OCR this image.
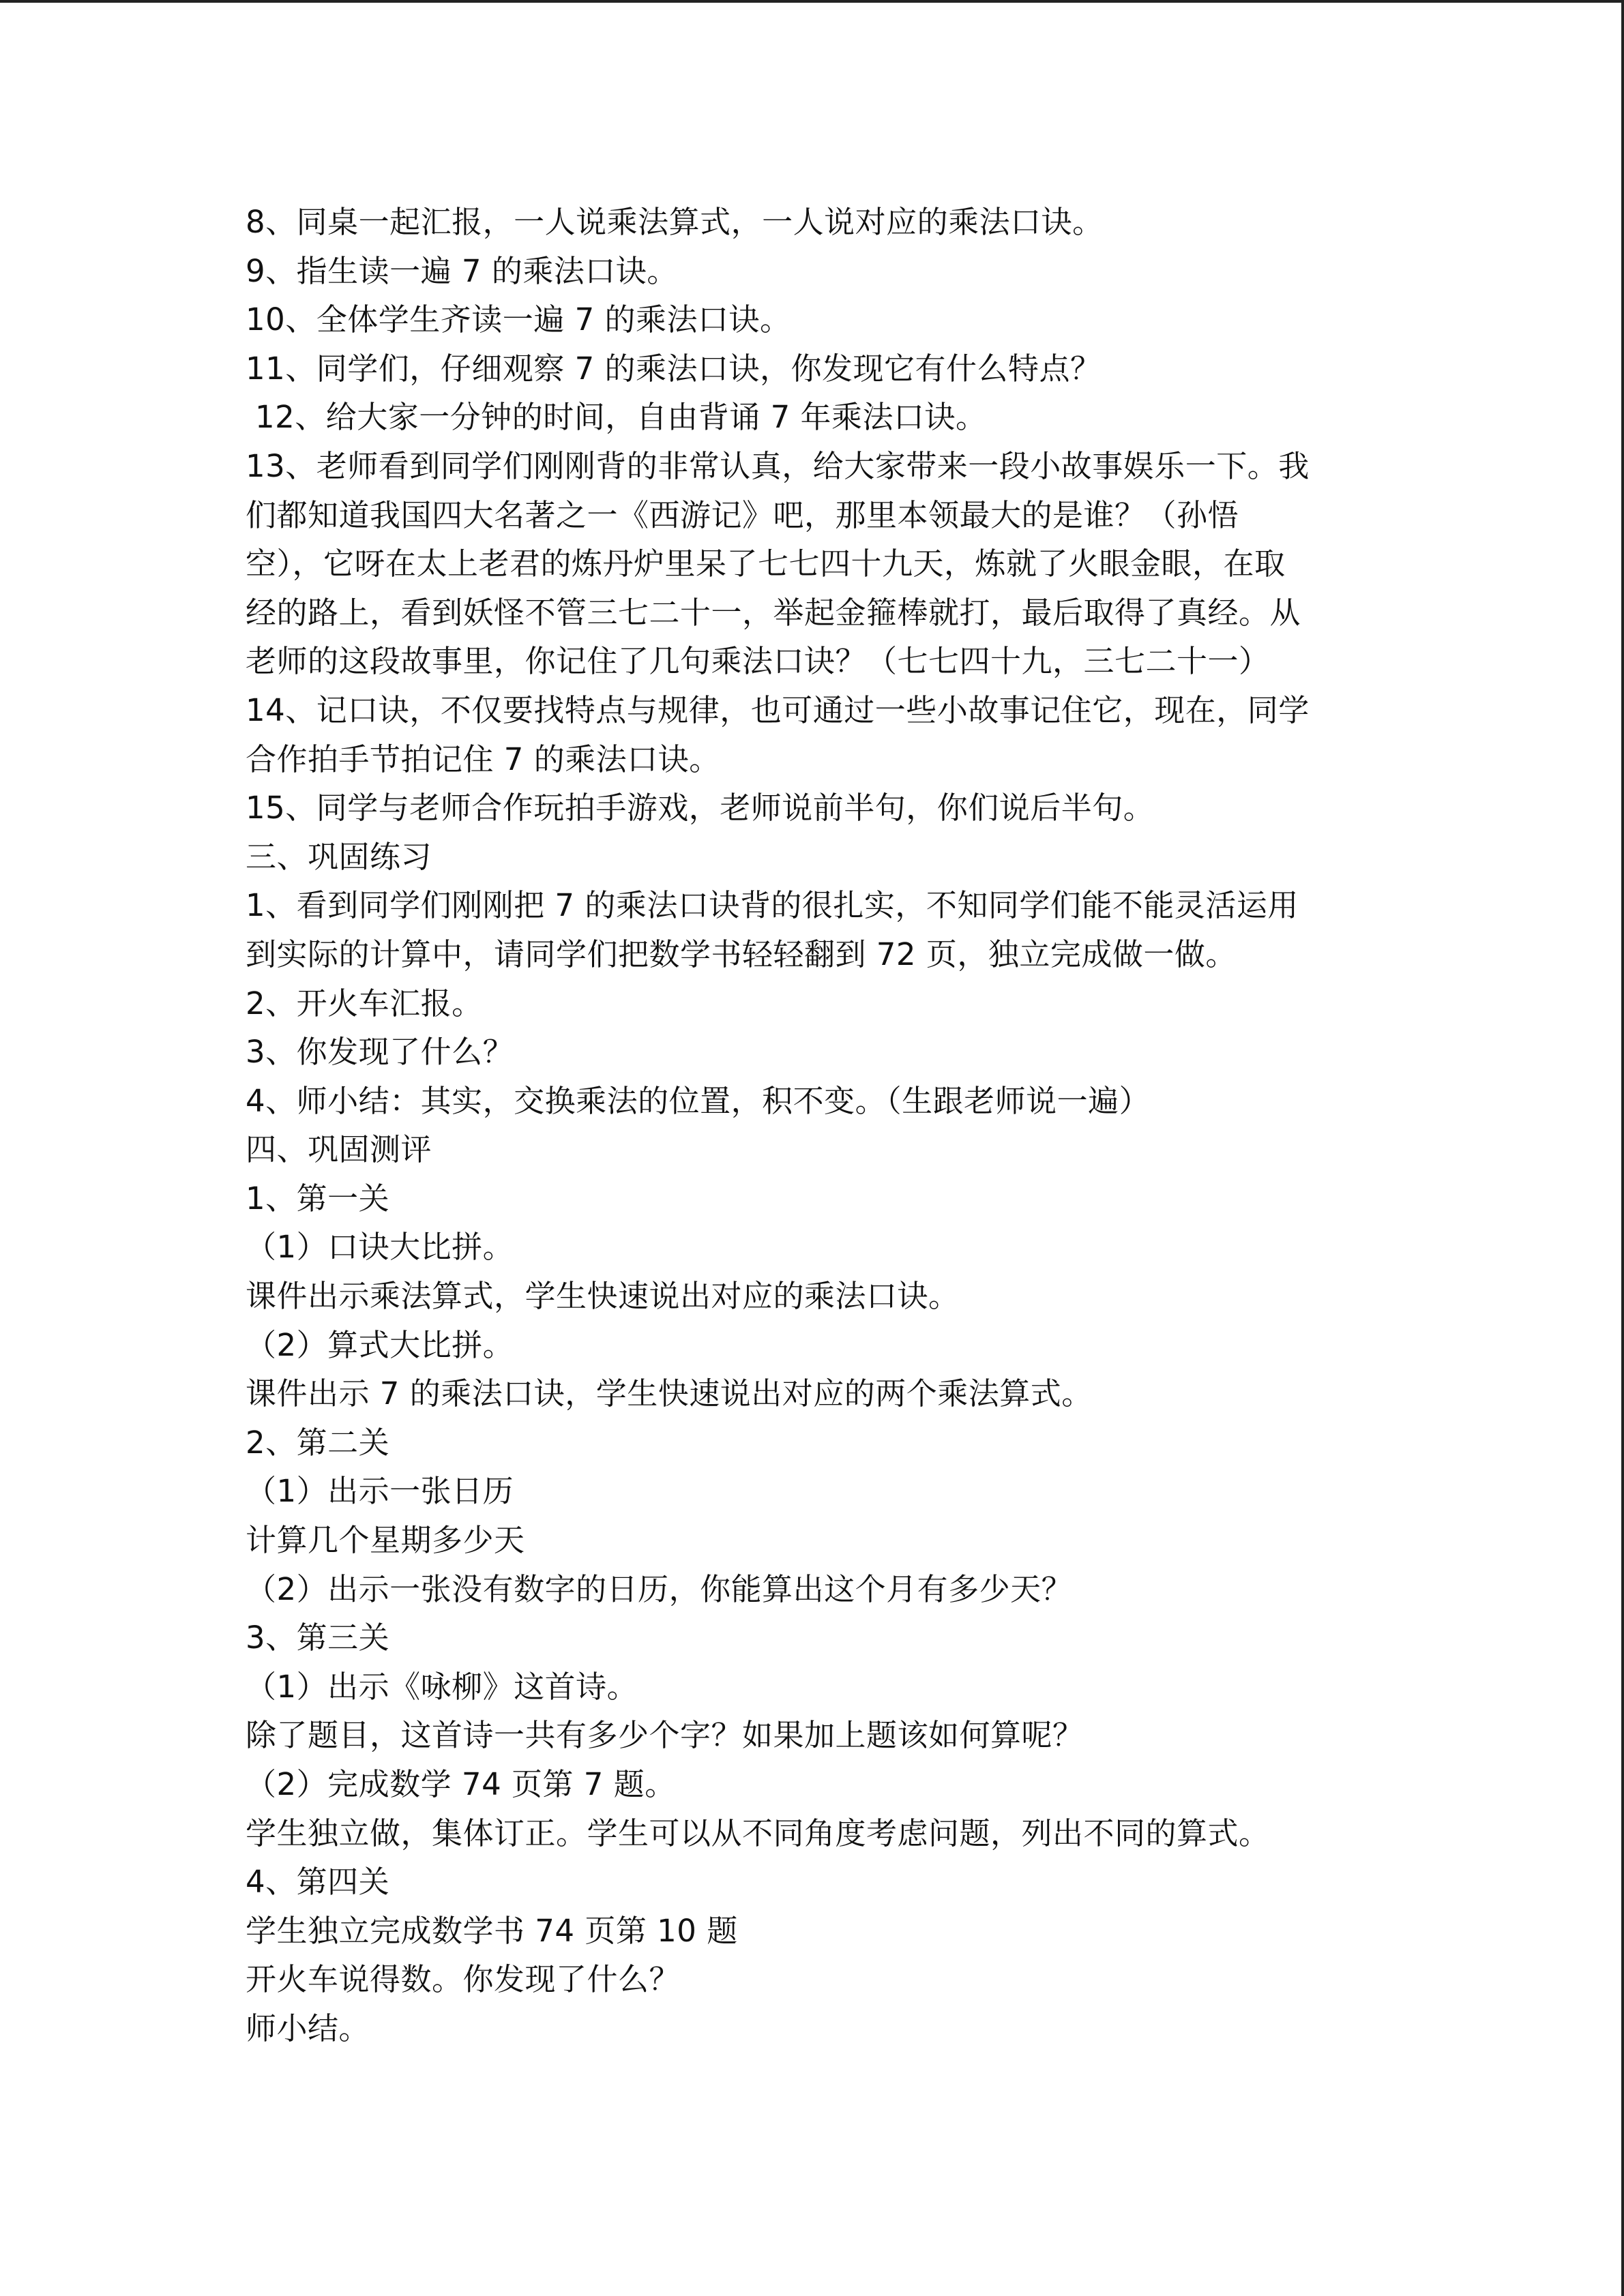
8、同桌一起汇报，一人说乘法算式，一人说对应的乘法口诀。
9、指生读一遍 7 的乘法口诀。
10、全体学生齐读一遍 7 的乘法口诀。
11、同学们，仔细观察 7 的乘法口诀，你发现它有什么特点？
12、给大家一分钟的时间，自由背诵 7 年乘法口诀。
13、老师看到同学们刚刚背的非常认真，给大家带来一段小故事娱乐一下。我
们都知道我国四大名著之一《西游记》吧，那里本领最大的是谁？（孙悟
空），它呀在太上老君的炼丹炉里呆了七七四十九天，炼就了火眼金眼，在取
经的路上，看到妖怪不管三七二十一，举起金箍棒就打，最后取得了真经。从
老师的这段故事里，你记住了几句乘法口诀？（七七四十九，三七二十一）
14、记口诀，不仅要找特点与规律，也可通过一些小故事记住它，现在，同学
合作拍手节拍记住 7 的乘法口诀。
15、同学与老师合作玩拍手游戏，老师说前半句，你们说后半句。
三、巩固练习
1、看到同学们刚刚把 7 的乘法口诀背的很扎实，不知同学们能不能灵活运用
到实际的计算中，请同学们把数学书轻轻翻到 72 页，独立完成做一做。
2、开火车汇报。
3、你发现了什么？
4、师小结：其实，交换乘法的位置，积不变。（生跟老师说一遍）
四、巩固测评
1、第一关
（1）口诀大比拼。
课件出示乘法算式，学生快速说出对应的乘法口诀。
（2）算式大比拼。
课件出示 7 的乘法口诀，学生快速说出对应的两个乘法算式。
2、第二关
（1）出示一张日历
计算几个星期多少天
（2）出示一张没有数字的日历，你能算出这个月有多少天？
3、第三关
（1）出示《咏柳》这首诗。
除了题目，这首诗一共有多少个字？如果加上题该如何算呢？
（2）完成数学 74 页第 7 题。
学生独立做，集体订正。学生可以从不同角度考虑问题，列出不同的算式。
4、第四关
学生独立完成数学书 74 页第 10 题
开火车说得数。你发现了什么？
师小结。
